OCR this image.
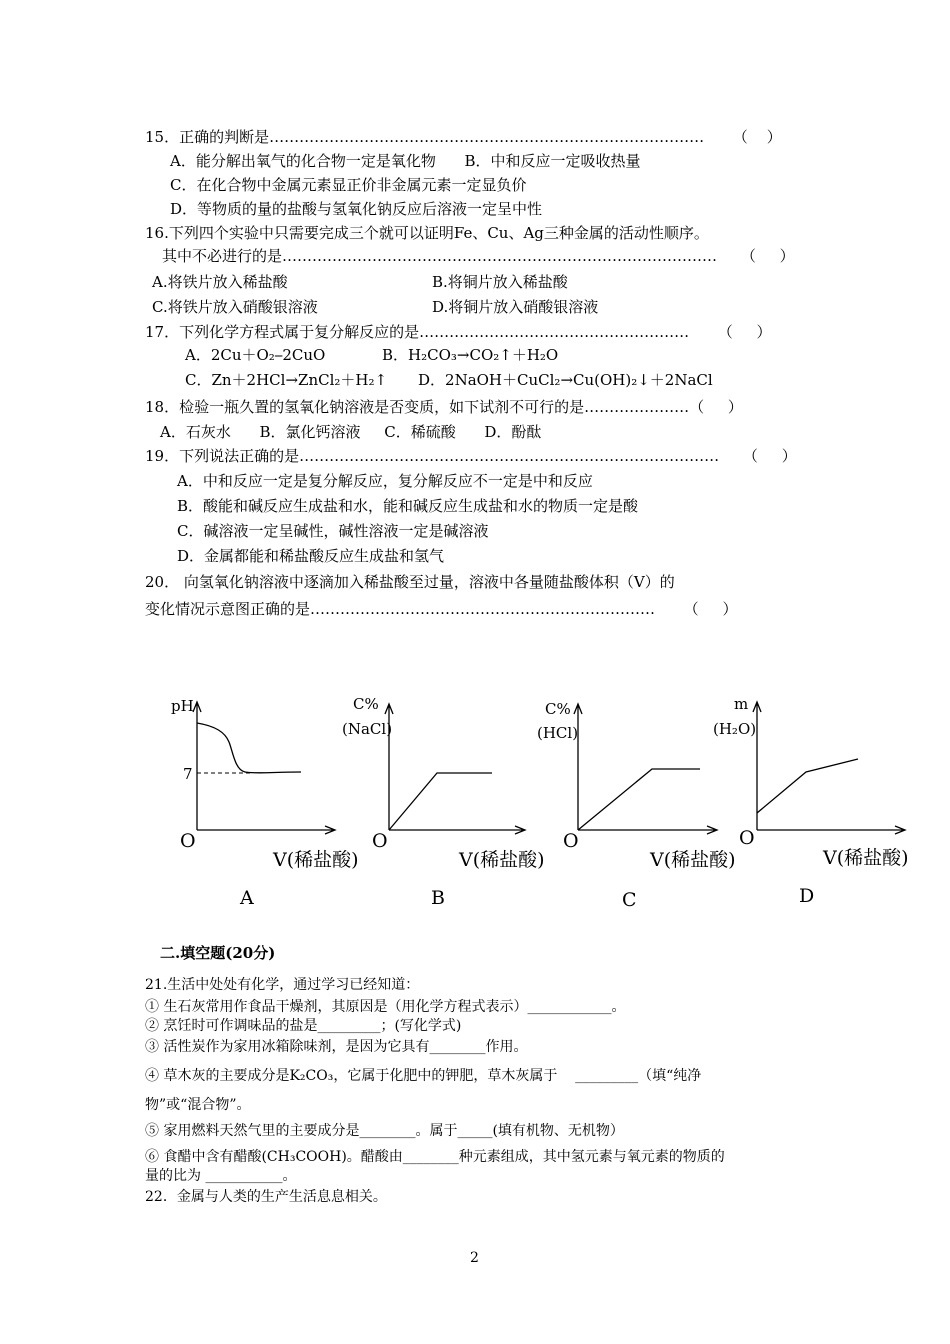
15．正确的判断是……………………………………………………………………………      （    ）
A．能分解出氧气的化合物一定是氧化物      B．中和反应一定吸收热量
C．在化合物中金属元素显正价非金属元素一定显负价
D．等物质的量的盐酸与氢氧化钠反应后溶液一定呈中性
16.下列四个实验中只需要完成三个就可以证明Fe、Cu、Ag三种金属的活动性顺序。
其中不必进行的是……………………………………………………………………………     （     ）
A.将铁片放入稀盐酸	B.将铜片放入稀盐酸
C.将铁片放入硝酸银溶液	D.将铜片放入硝酸银溶液
17．下列化学方程式属于复分解反应的是………………………………………………      （     ）
A．2Cu＋O₂⎯2CuO	B．H₂CO₃→CO₂↑＋H₂O
C．Zn＋2HCl→ZnCl₂＋H₂↑ D．2NaOH＋CuCl₂→Cu(OH)₂↓＋2NaCl
18．检验一瓶久置的氢氧化钠溶液是否变质，如下试剂不可行的是…………………（     ）
A．石灰水      B．氯化钙溶液     C．稀硫酸      D．酚酞
19．下列说法正确的是…………………………………………………………………………     （     ）
A．中和反应一定是复分解反应，复分解反应不一定是中和反应
B．酸能和碱反应生成盐和水，能和碱反应生成盐和水的物质一定是酸
C．碱溶液一定呈碱性，碱性溶液一定是碱溶液
D．金属都能和稀盐酸反应生成盐和氢气
20． 向氢氧化钠溶液中逐滴加入稀盐酸至过量，溶液中各量随盐酸体积（V）的
变化情况示意图正确的是……………………………………………………………      （     ）
pH
7
O
V(稀盐酸)
A
C%
(NaCl)
O
V(稀盐酸)
B
C%
(HCl)
O
V(稀盐酸)
C
m
(H₂O)
O
V(稀盐酸)
D
二.填空题(20分)
21.生活中处处有化学，通过学习已经知道：
① 生石灰常用作食品干燥剂，其原因是（用化学方程式表示）____________。
② 烹饪时可作调味品的盐是_________；(写化学式)
③ 活性炭作为家用冰箱除味剂，是因为它具有________作用。
④ 草木灰的主要成分是K₂CO₃，它属于化肥中的钾肥，草木灰属于    _________（填“纯净
物”或“混合物”。
⑤ 家用燃料天然气里的主要成分是________。属于_____(填有机物、无机物）
⑥ 食醋中含有醋酸(CH₃COOH)。醋酸由________种元素组成，其中氢元素与氧元素的物质的
量的比为 ___________。
22．金属与人类的生产生活息息相关。
2
